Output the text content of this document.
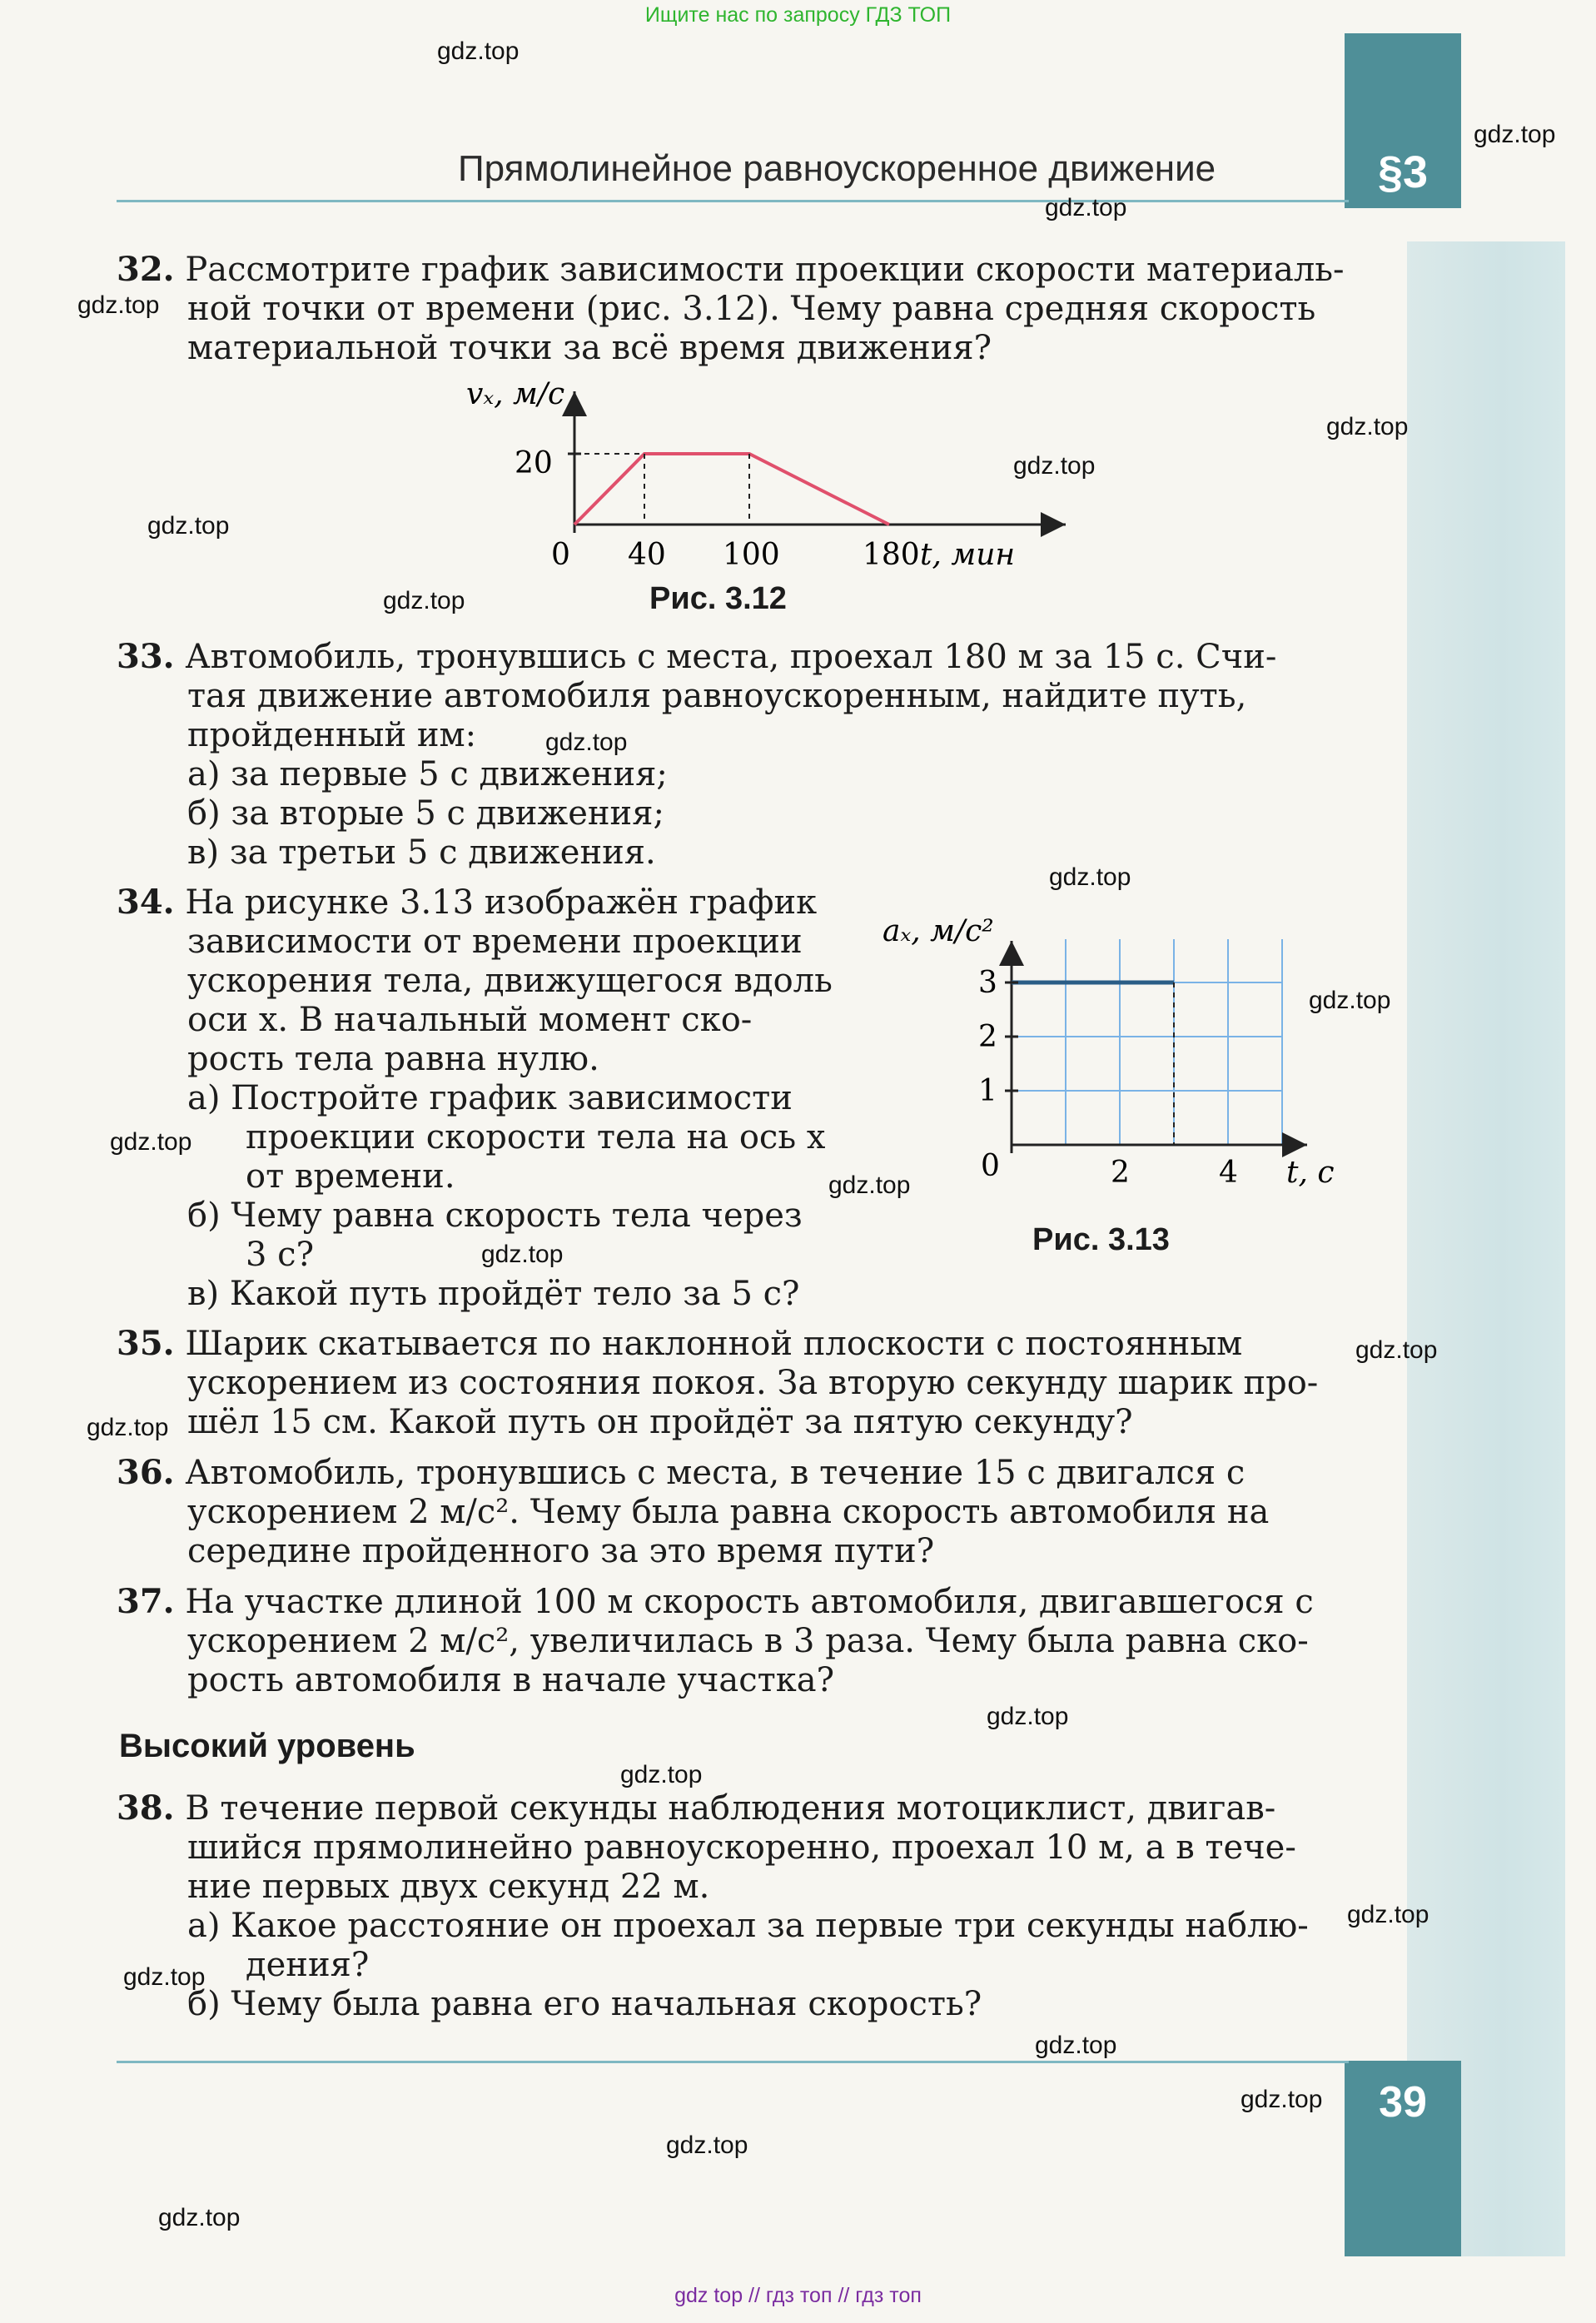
§3
39
Ищите нас по запросу ГДЗ ТОП
gdz top // гдз топ // гдз топ
Прямолинейное равноускоренное движение
32. Рассмотрите график зависимости проекции скорости материаль-
ной точки от времени (рис. 3.12). Чему равна средняя скорость
материальной точки за всё время движения?
vₓ, м/с
t, мин
20
0 40 100	180
Рис. 3.12
33. Автомобиль, тронувшись с места, проехал 180 м за 15 с. Счи-
тая движение автомобиля равноускоренным, найдите путь,
пройденный им:
а) за первые 5 с движения;
б) за вторые 5 с движения;
в) за третьи 5 с движения.
34. На рисунке 3.13 изображён график
зависимости от времени проекции
ускорения тела, движущегося вдоль
оси x. В начальный момент ско-
рость тела равна нулю.
а) Постройте график зависимости
проекции скорости тела на ось x
от времени.
б) Чему равна скорость тела через
3 с?
в) Какой путь пройдёт тело за 5 с?
aₓ, м/с²
t, с
1
2
3
0	2	4
Рис. 3.13
35. Шарик скатывается по наклонной плоскости с постоянным
ускорением из состояния покоя. За вторую секунду шарик про-
шёл 15 см. Какой путь он пройдёт за пятую секунду?
36. Автомобиль, тронувшись с места, в течение 15 с двигался с
ускорением 2 м/с². Чему была равна скорость автомобиля на
середине пройденного за это время пути?
37. На участке длиной 100 м скорость автомобиля, двигавшегося с
ускорением 2 м/с², увеличилась в 3 раза. Чему была равна ско-
рость автомобиля в начале участка?
Высокий уровень
38. В течение первой секунды наблюдения мотоциклист, двигав-
шийся прямолинейно равноускоренно, проехал 10 м, а в тече-
ние первых двух секунд 22 м.
а) Какое расстояние он проехал за первые три секунды наблю-
дения?
б) Чему была равна его начальная скорость?
gdz.top
gdz.top
gdz.top
gdz.top
gdz.top
gdz.top
gdz.top
gdz.top
gdz.top
gdz.top
gdz.top
gdz.top
gdz.top
gdz.top
gdz.top
gdz.top
gdz.top
gdz.top
gdz.top
gdz.top
gdz.top
gdz.top
gdz.top
gdz.top
